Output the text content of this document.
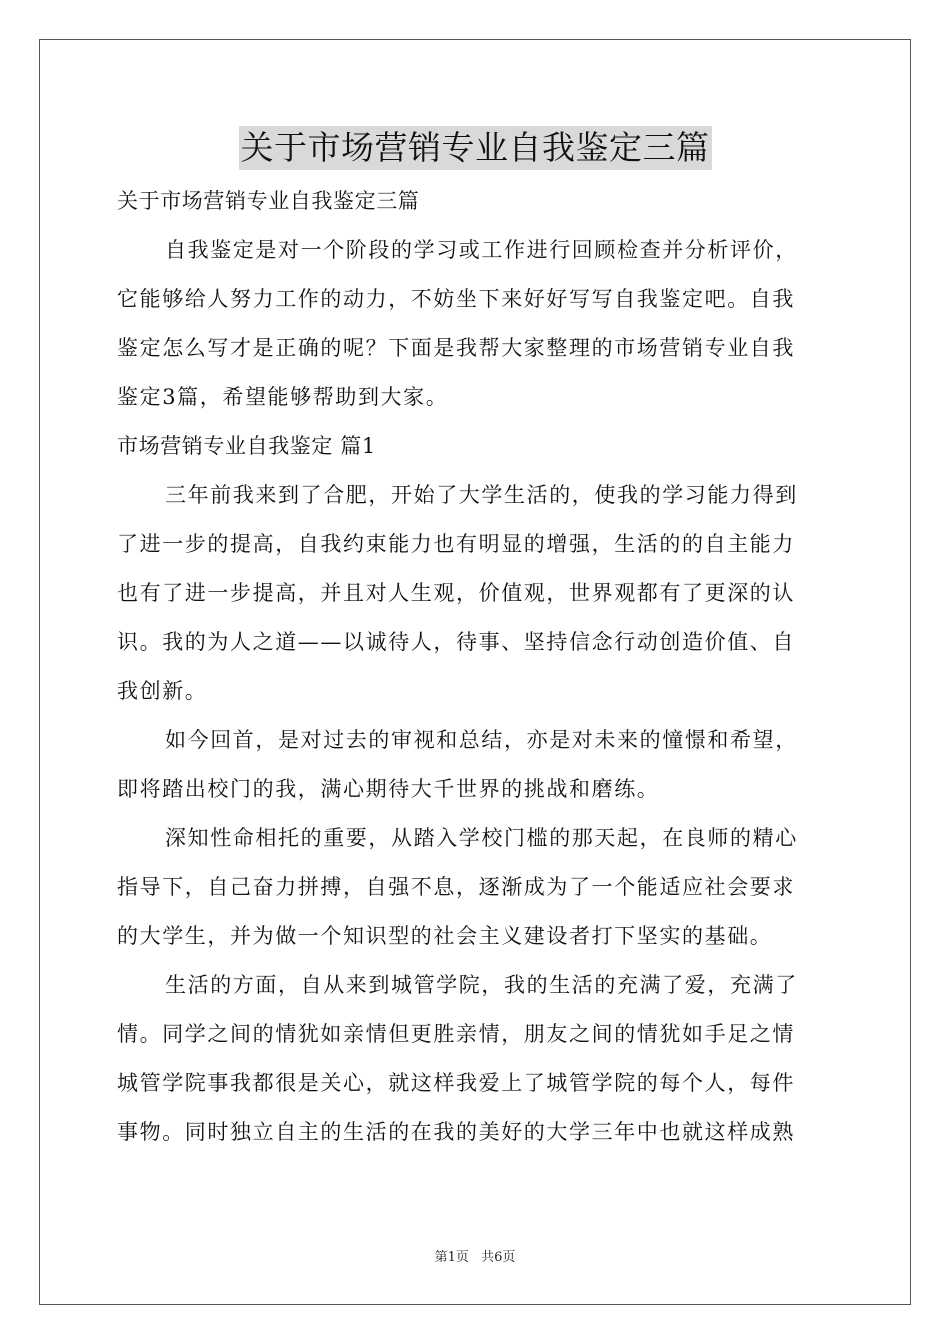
关于市场营销专业自我鉴定三篇
关于市场营销专业自我鉴定三篇
自我鉴定是对一个阶段的学习或工作进行回顾检查并分析评价，
它能够给人努力工作的动力，不妨坐下来好好写写自我鉴定吧。自我
鉴定怎么写才是正确的呢？下面是我帮大家整理的市场营销专业自我
鉴定3篇，希望能够帮助到大家。
市场营销专业自我鉴定 篇1
三年前我来到了合肥，开始了大学生活的，使我的学习能力得到
了进一步的提高，自我约束能力也有明显的增强，生活的的自主能力
也有了进一步提高，并且对人生观，价值观，世界观都有了更深的认
识。我的为人之道——以诚待人，待事、坚持信念行动创造价值、自
我创新。
如今回首，是对过去的审视和总结，亦是对未来的憧憬和希望，
即将踏出校门的我，满心期待大千世界的挑战和磨练。
深知性命相托的重要，从踏入学校门槛的那天起，在良师的精心
指导下，自己奋力拼搏，自强不息，逐渐成为了一个能适应社会要求
的大学生，并为做一个知识型的社会主义建设者打下坚实的基础。
生活的方面，自从来到城管学院，我的生活的充满了爱，充满了
情。同学之间的情犹如亲情但更胜亲情，朋友之间的情犹如手足之情
城管学院事我都很是关心，就这样我爱上了城管学院的每个人，每件
事物。同时独立自主的生活的在我的美好的大学三年中也就这样成熟
第1页 共6页
